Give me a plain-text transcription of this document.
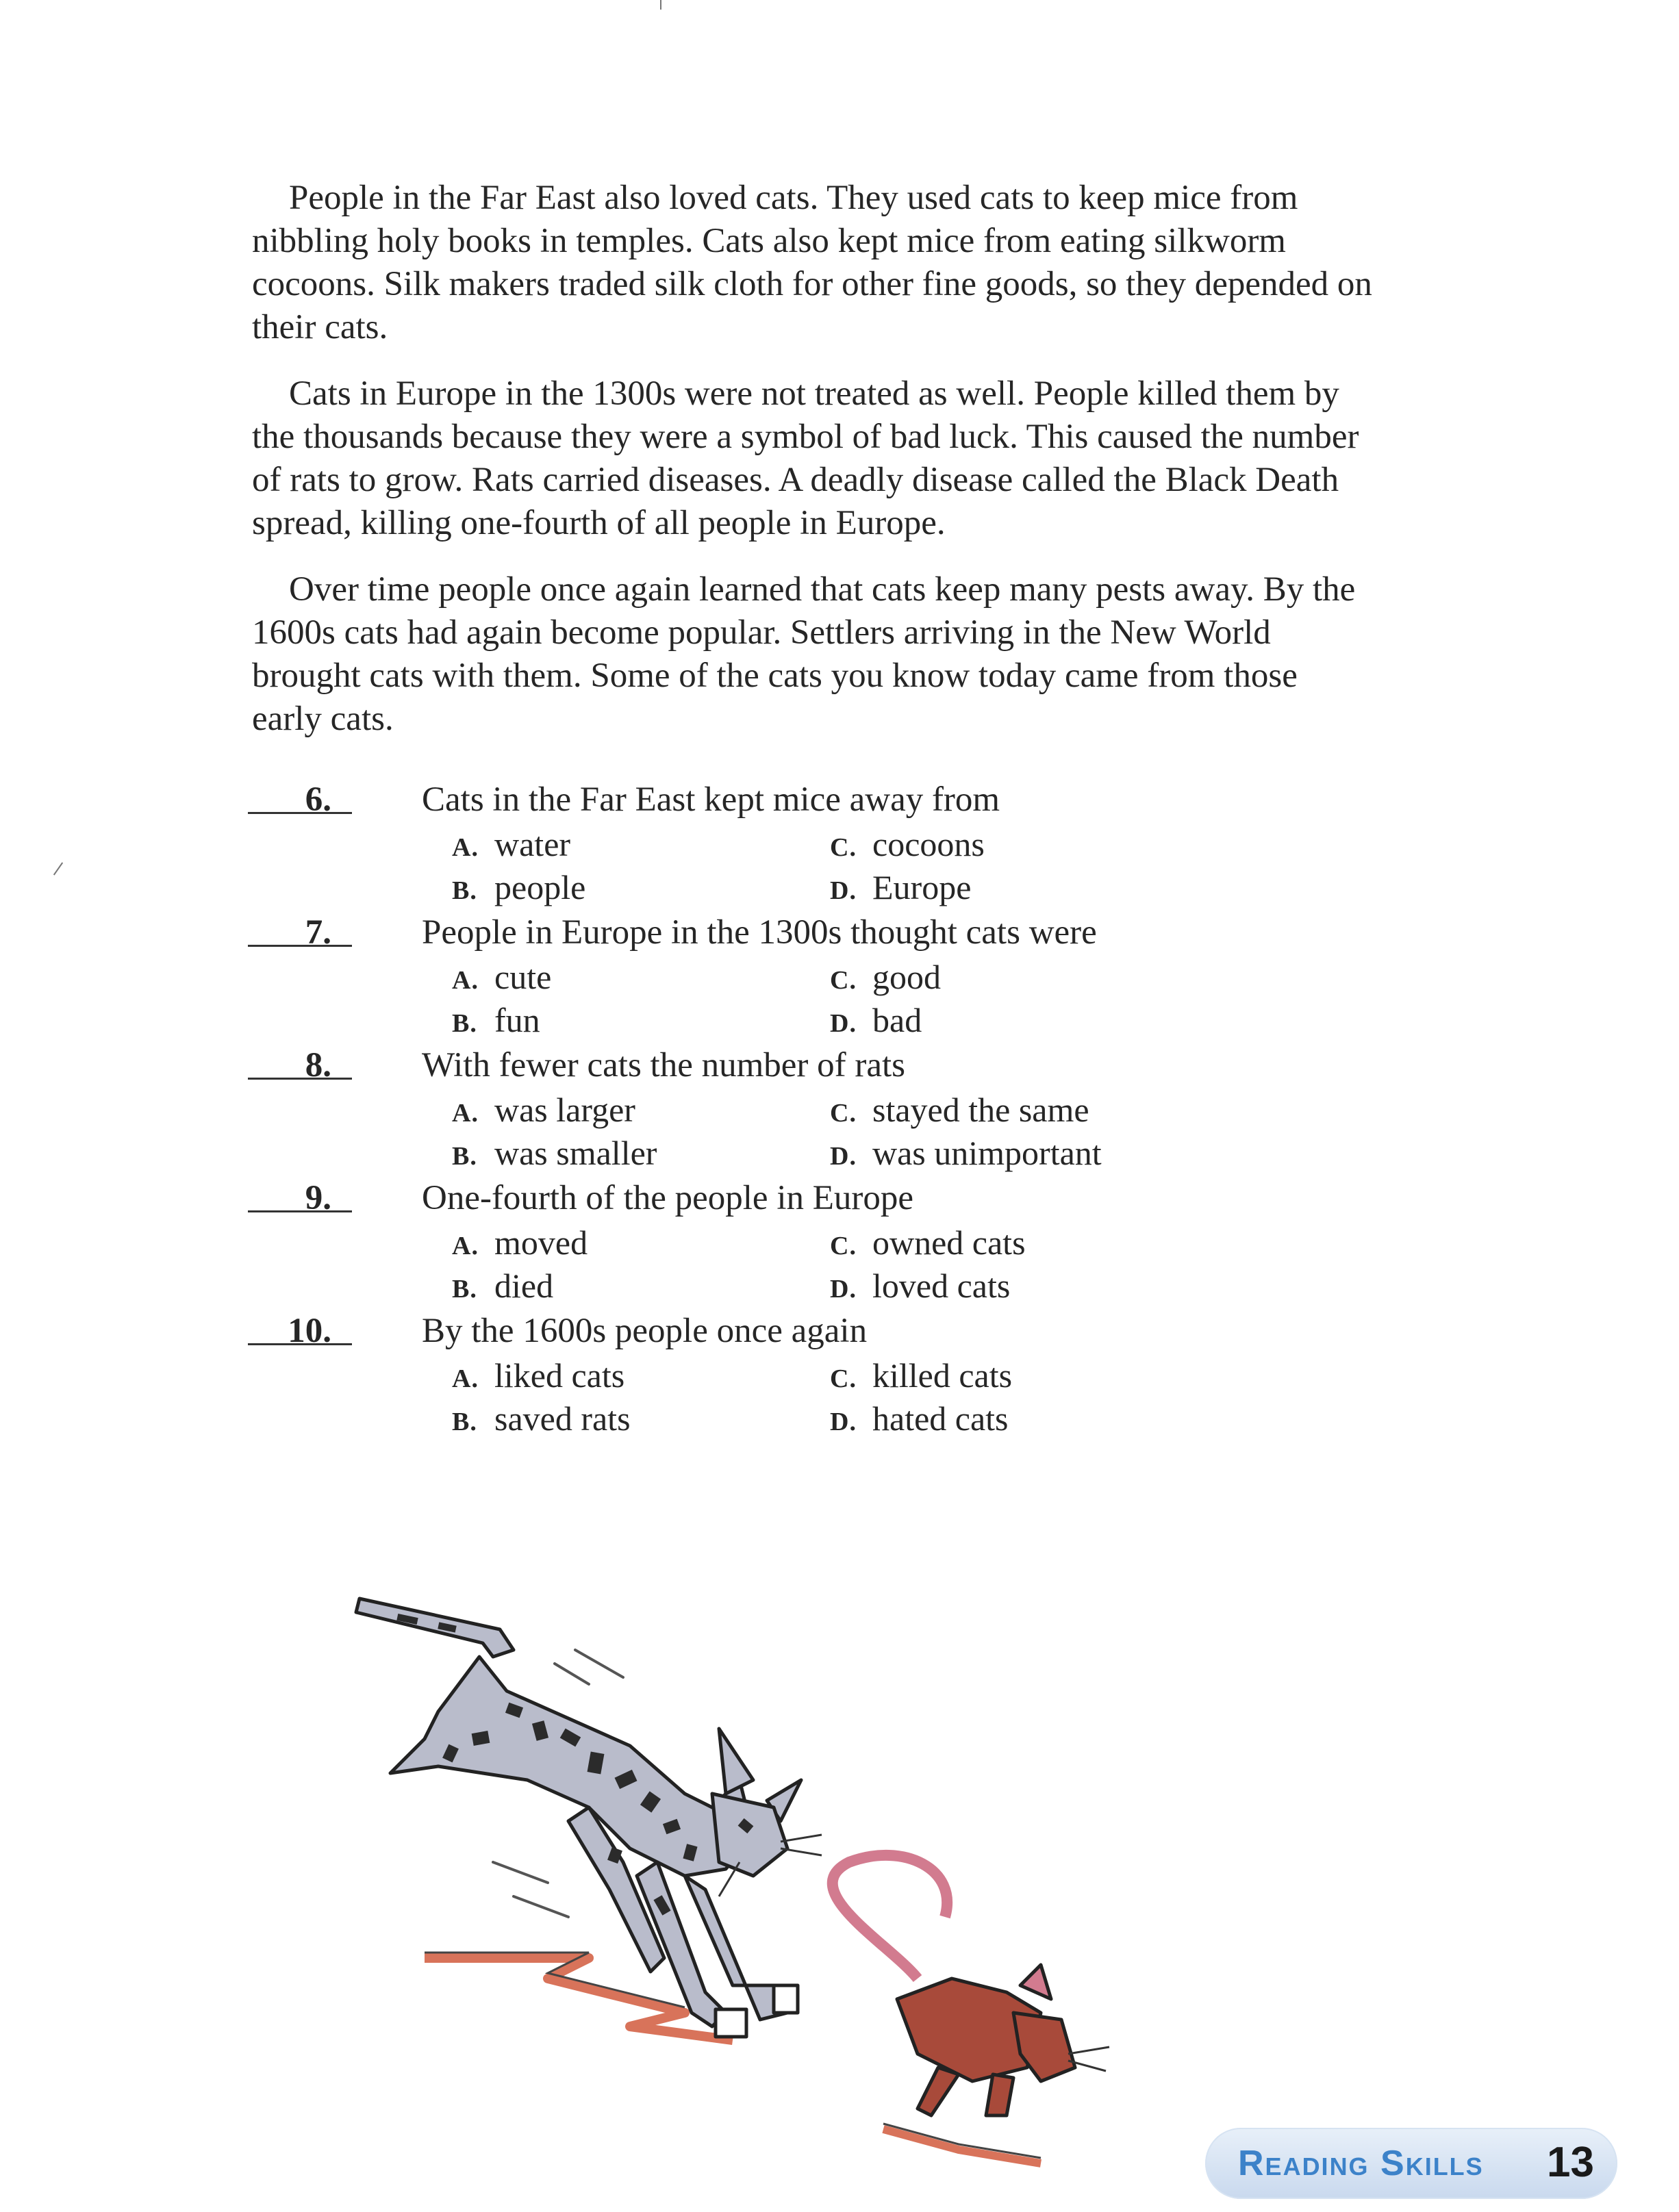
People in the Far East also loved cats. They used cats to keep mice from nibbling holy books in temples. Cats also kept mice from eating silkworm cocoons. Silk makers traded silk cloth for other fine goods, so they depended on their cats.

Cats in Europe in the 1300s were not treated as well. People killed them by the thousands because they were a symbol of bad luck. This caused the number of rats to grow. Rats carried diseases. A deadly disease called the Black Death spread, killing one-fourth of all people in Europe.

Over time people once again learned that cats keep many pests away. By the 1600s cats had again become popular. Settlers arriving in the New World brought cats with them. Some of the cats you know today came from those early cats.

6.	Cats in the Far East kept mice away from
A. water	C. cocoons
B. people	D. Europe
7.	People in Europe in the 1300s thought cats were
A. cute	C. good
B. fun	D. bad
8.	With fewer cats the number of rats
A. was larger	C. stayed the same
B. was smaller	D. was unimportant
9.	One-fourth of the people in Europe
A. moved	C. owned cats
B. died	D. loved cats
10.	By the 1600s people once again
A. liked cats	C. killed cats
B. saved rats	D. hated cats
Reading Skills 13
